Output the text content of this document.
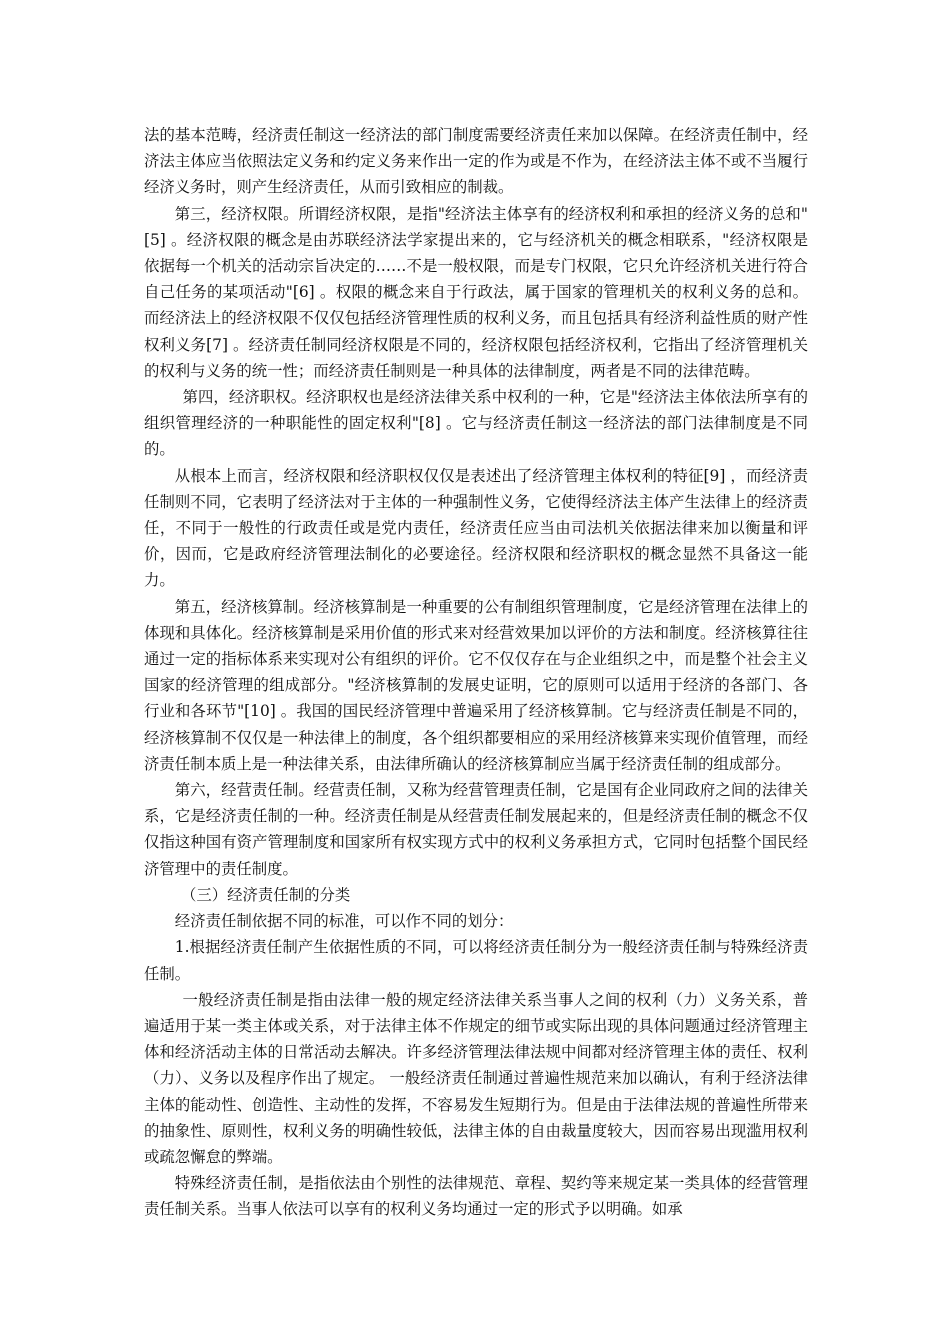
法的基本范畴，经济责任制这一经济法的部门制度需要经济责任来加以保障。在经济责任制中，经济法主体应当依照法定义务和约定义务来作出一定的作为或是不作为，在经济法主体不或不当履行经济义务时，则产生经济责任，从而引致相应的制裁。

第三，经济权限。所谓经济权限，是指"经济法主体享有的经济权利和承担的经济义务的总和"[5] 。经济权限的概念是由苏联经济法学家提出来的，它与经济机关的概念相联系，"经济权限是依据每一个机关的活动宗旨决定的……不是一般权限，而是专门权限，它只允许经济机关进行符合自己任务的某项活动"[6] 。权限的概念来自于行政法，属于国家的管理机关的权利义务的总和。而经济法上的经济权限不仅仅包括经济管理性质的权利义务，而且包括具有经济利益性质的财产性权利义务[7] 。经济责任制同经济权限是不同的，经济权限包括经济权利，它指出了经济管理机关的权利与义务的统一性；而经济责任制则是一种具体的法律制度，两者是不同的法律范畴。

第四，经济职权。经济职权也是经济法律关系中权利的一种，它是"经济法主体依法所享有的组织管理经济的一种职能性的固定权利"[8] 。它与经济责任制这一经济法的部门法律制度是不同的。

从根本上而言，经济权限和经济职权仅仅是表述出了经济管理主体权利的特征[9] ，而经济责任制则不同，它表明了经济法对于主体的一种强制性义务，它使得经济法主体产生法律上的经济责任，不同于一般性的行政责任或是党内责任，经济责任应当由司法机关依据法律来加以衡量和评价，因而，它是政府经济管理法制化的必要途径。经济权限和经济职权的概念显然不具备这一能力。

第五，经济核算制。经济核算制是一种重要的公有制组织管理制度，它是经济管理在法律上的体现和具体化。经济核算制是采用价值的形式来对经营效果加以评价的方法和制度。经济核算往往通过一定的指标体系来实现对公有组织的评价。它不仅仅存在与企业组织之中，而是整个社会主义国家的经济管理的组成部分。"经济核算制的发展史证明，它的原则可以适用于经济的各部门、各行业和各环节"[10] 。我国的国民经济管理中普遍采用了经济核算制。它与经济责任制是不同的，经济核算制不仅仅是一种法律上的制度，各个组织都要相应的采用经济核算来实现价值管理，而经济责任制本质上是一种法律关系，由法律所确认的经济核算制应当属于经济责任制的组成部分。

第六，经营责任制。经营责任制，又称为经营管理责任制，它是国有企业同政府之间的法律关系，它是经济责任制的一种。经济责任制是从经营责任制发展起来的，但是经济责任制的概念不仅仅指这种国有资产管理制度和国家所有权实现方式中的权利义务承担方式，它同时包括整个国民经济管理中的责任制度。

（三）经济责任制的分类

经济责任制依据不同的标准，可以作不同的划分：

1.根据经济责任制产生依据性质的不同，可以将经济责任制分为一般经济责任制与特殊经济责任制。

一般经济责任制是指由法律一般的规定经济法律关系当事人之间的权利（力）义务关系，普遍适用于某一类主体或关系，对于法律主体不作规定的细节或实际出现的具体问题通过经济管理主体和经济活动主体的日常活动去解决。许多经济管理法律法规中间都对经济管理主体的责任、权利（力）、义务以及程序作出了规定。 一般经济责任制通过普遍性规范来加以确认，有利于经济法律主体的能动性、创造性、主动性的发挥，不容易发生短期行为。但是由于法律法规的普遍性所带来的抽象性、原则性，权利义务的明确性较低，法律主体的自由裁量度较大，因而容易出现滥用权利或疏忽懈怠的弊端。

特殊经济责任制，是指依法由个别性的法律规范、章程、契约等来规定某一类具体的经营管理责任制关系。当事人依法可以享有的权利义务均通过一定的形式予以明确。如承
